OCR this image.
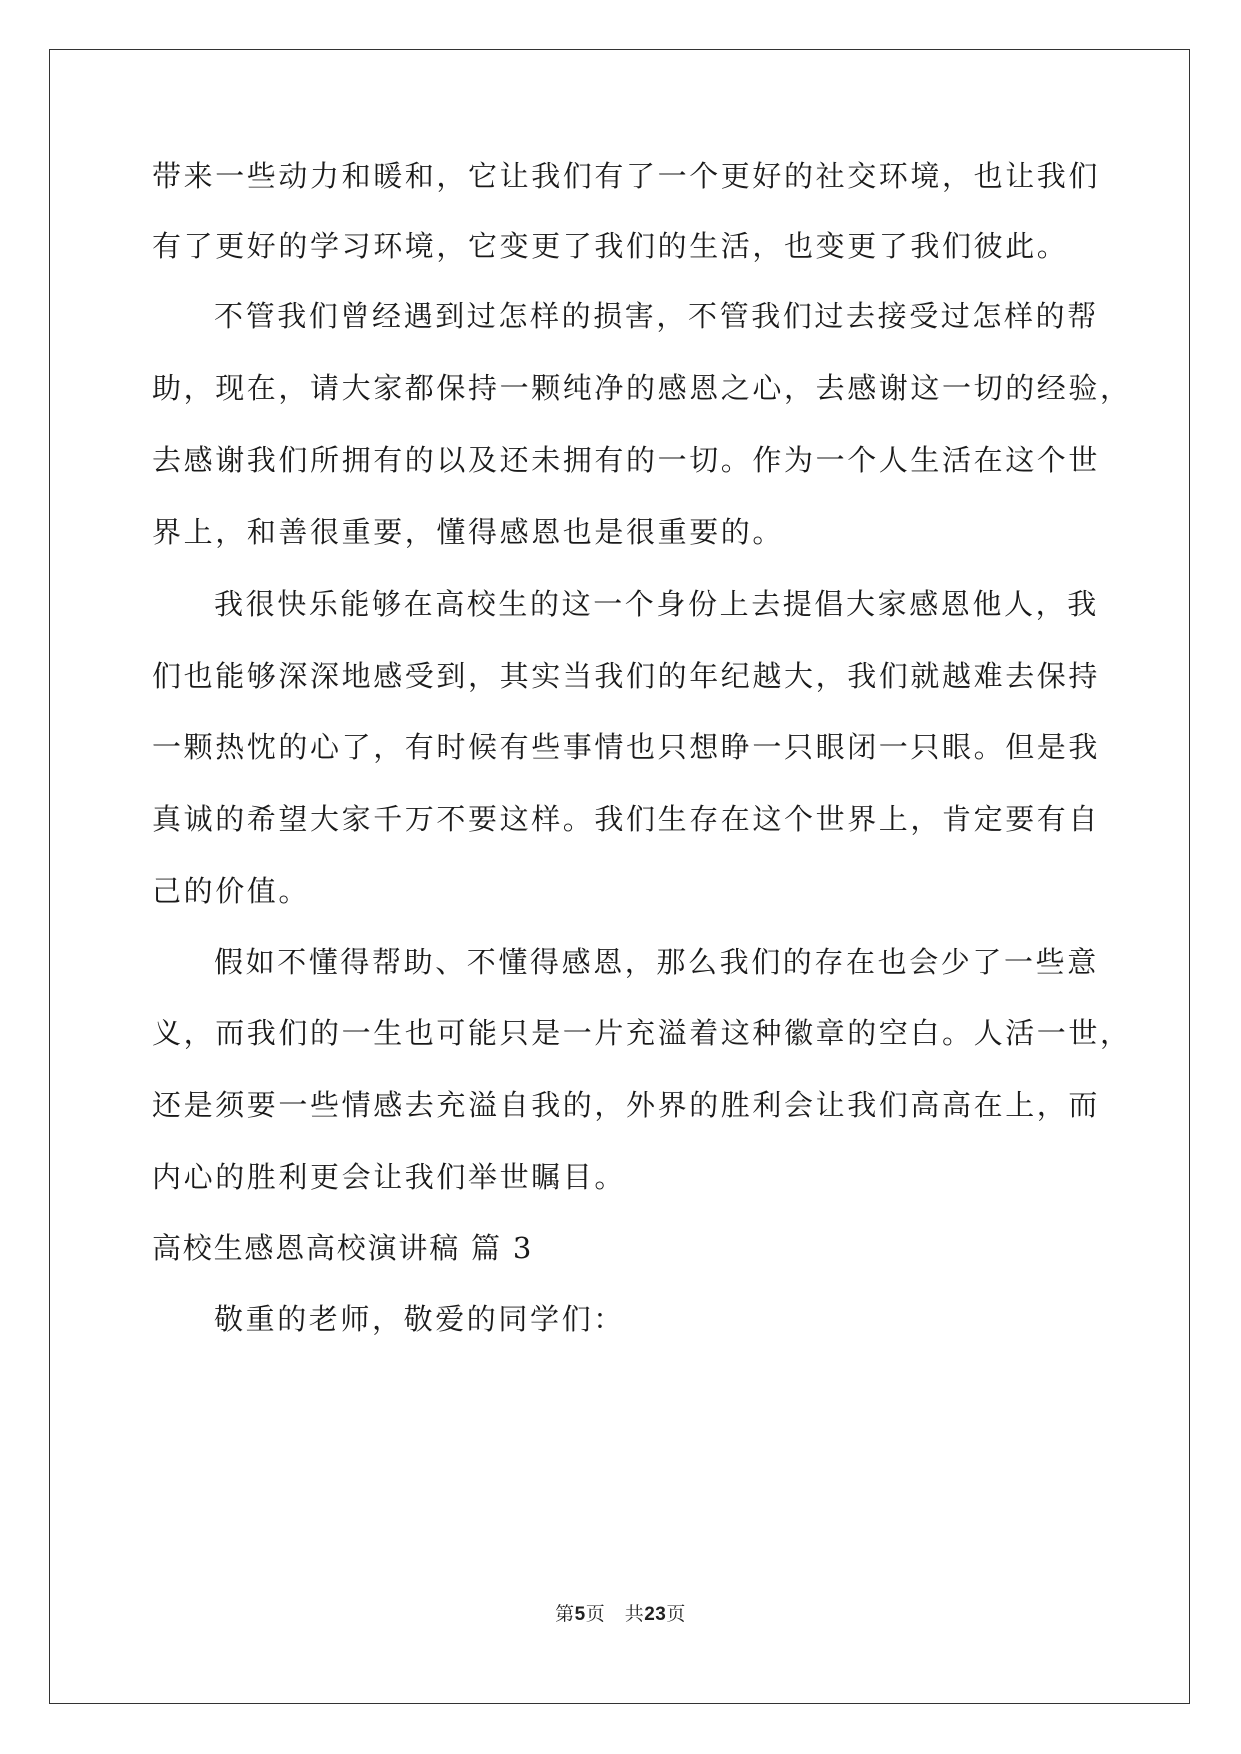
带来一些动力和暖和，它让我们有了一个更好的社交环境，也让我们
有了更好的学习环境，它变更了我们的生活，也变更了我们彼此。
不管我们曾经遇到过怎样的损害，不管我们过去接受过怎样的帮
助，现在，请大家都保持一颗纯净的感恩之心，去感谢这一切的经验，
去感谢我们所拥有的以及还未拥有的一切。作为一个人生活在这个世
界上，和善很重要，懂得感恩也是很重要的。
我很快乐能够在高校生的这一个身份上去提倡大家感恩他人，我
们也能够深深地感受到，其实当我们的年纪越大，我们就越难去保持
一颗热忱的心了，有时候有些事情也只想睁一只眼闭一只眼。但是我
真诚的希望大家千万不要这样。我们生存在这个世界上，肯定要有自
己的价值。
假如不懂得帮助、不懂得感恩，那么我们的存在也会少了一些意
义，而我们的一生也可能只是一片充溢着这种徽章的空白。人活一世，
还是须要一些情感去充溢自我的，外界的胜利会让我们高高在上，而
内心的胜利更会让我们举世瞩目。
高校生感恩高校演讲稿 篇 3
敬重的老师，敬爱的同学们：
第5页　共23页
